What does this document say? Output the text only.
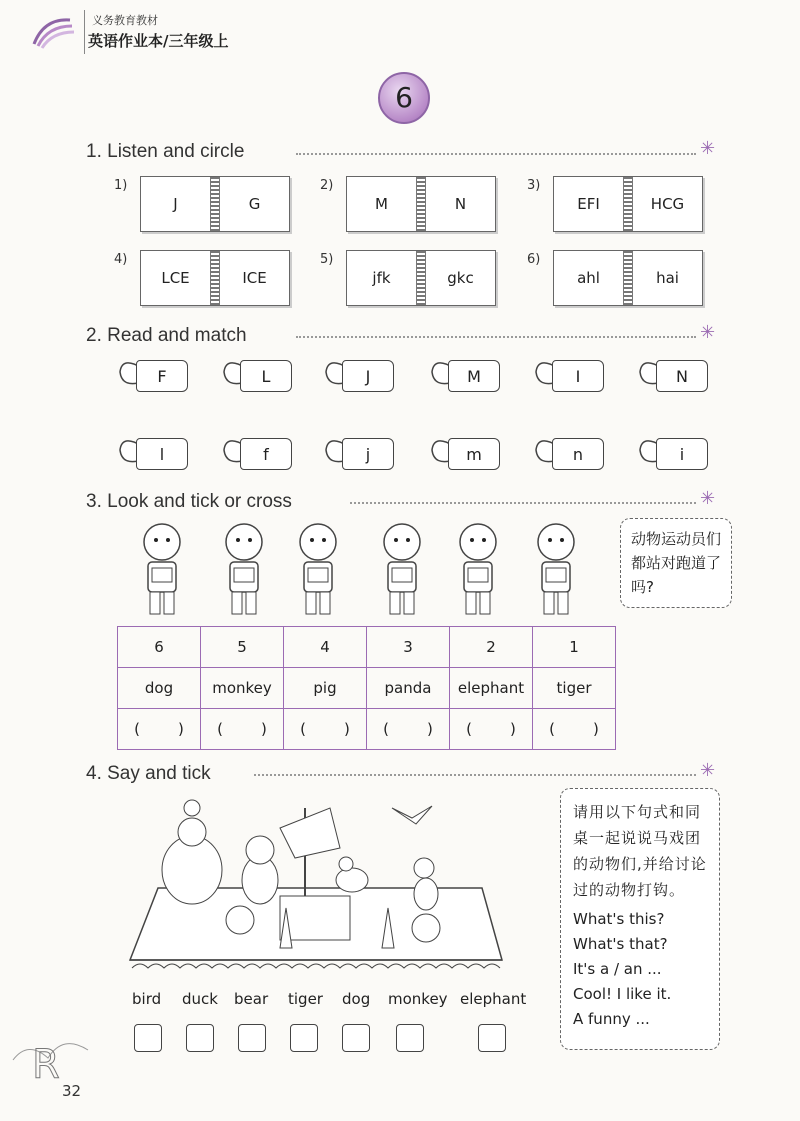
义务教育教材
英语作业本/三年级上
6
1. Listen and circle	✳
1)
J	G
2)
M	N
3)
EFI	HCG
4)
LCE	ICE
5)
jfk	gkc
6)
ahl	hai
2. Read and match	✳
F	L	J	M	I	N
l	f	j	m	n	i
3. Look and tick or cross	✳
动物运动员们都站对跑道了吗?
6	5	4	3	2	1
dog	monkey	pig	panda	elephant	tiger
(        )	(        )	(        )	(        )	(        )	(        )
4. Say and tick	✳
请用以下句式和同桌一起说说马戏团的动物们,并给讨论过的动物打钩。
What's this?
What's that?
It's a / an ...
Cool! I like it.
A funny ...
bird duck bear tiger dog monkey elephant
R
32
